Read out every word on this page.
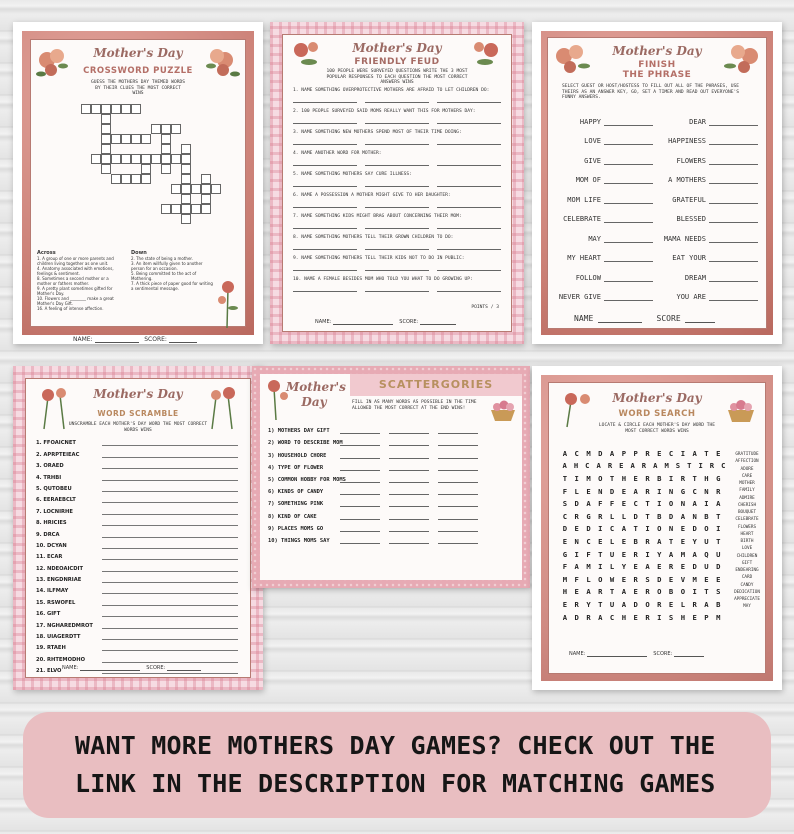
Mother's Day
CROSSWORD PUZZLE
GUESS THE MOTHERS DAY THEMED WORDS BY THEIR CLUES THE MOST CORRECT WINS
Across
1. A group of one or more parents and children living together as one unit.
4. Anatomy associated with emotions, feelings & sentiment.
8. Sometimes a second mother or a mother or fathers mother.
9. A pretty plant sometimes gifted for Mother's Day.
10. Flowers and ________ make a great Mother's Day Gift.
16. A feeling of intense affection.
Down
2. The state of being a mother.
3. An item willfully given to another person for an occasion.
5. Being committed to the act of Mothering.
7. A thick piece of paper good for writing a sentimental message.
NAME:	SCORE:
Mother's Day
FRIENDLY FEUD
100 PEOPLE WERE SURVEYED QUESTIONS WRITE THE 3 MOST POPULAR RESPONSES TO EACH QUESTION THE MOST CORRECT ANSWERS WINS
1. NAME SOMETHING OVERPROTECTIVE MOTHERS ARE AFRAID TO LET CHILDREN DO:
2. 100 PEOPLE SURVEYED SAID MOMS REALLY WANT THIS FOR MOTHERS DAY:
3. NAME SOMETHING NEW MOTHERS SPEND MOST OF THEIR TIME DOING:
4. NAME ANOTHER WORD FOR MOTHER:
5. NAME SOMETHING MOTHERS SAY CURE ILLNESS:
6. NAME A POSSESSION A MOTHER MIGHT GIVE TO HER DAUGHTER:
7. NAME SOMETHING KIDS MIGHT BRAG ABOUT CONCERNING THEIR MOM:
8. NAME SOMETHING MOTHERS TELL THEIR GROWN CHILDREN TO DO:
9. NAME SOMETHING MOTHERS TELL THEIR KIDS NOT TO DO IN PUBLIC:
10. NAME A FEMALE BESIDES MOM WHO TOLD YOU WHAT TO DO GROWING UP:
POINTS / 3
NAME:	SCORE:
Mother's Day
FINISH
THE PHRASE
SELECT GUEST OR HOST/HOSTESS TO FILL OUT ALL OF THE PHRASES, USE THEIRS AS AN ANSWER KEY, GO, SET A TIMER AND READ OUT EVERYONE'S FUNNY ANSWERS.
HAPPY	DEAR
LOVE	HAPPINESS
GIVE	FLOWERS
MOM OF	A MOTHERS
MOM LIFE	GRATEFUL
CELEBRATE	BLESSED
MAY	MAMA NEEDS
MY HEART	EAT YOUR
FOLLOW	DREAM
NEVER GIVE	YOU ARE
NAME	SCORE
Mother's Day
WORD SCRAMBLE
UNSCRAMBLE EACH MOTHER'S DAY WORD THE MOST CORRECT WORDS WINS
1. FFOAICNET
2. APRPTEIEAC
3. ORAED
4. TRHBI
5. QUTOBEU
6. EERAEBCLT
7. LOCNIRHE
8. HRICIES
9. DRCA
10. DCYAN
11. ECAR
12. NDEOAICDIT
13. ENGDNRIAE
14. ILFMAY
15. RSWOFEL
16. GIFT
17. NGHAREDMROT
18. UIAGERDTT
19. RTAEH
20. RHTEMODHO
21. ELVO
NAME:	SCORE:
Mother's Day
SCATTERGORIES
FILL IN AS MANY WORDS AS POSSIBLE IN THE TIME ALLOWED THE MOST CORRECT AT THE END WINS!
1) MOTHERS DAY GIFT
2) WORD TO DESCRIBE MOM
3) HOUSEHOLD CHORE
4) TYPE OF FLOWER
5) COMMON HOBBY FOR MOMS
6) KINDS OF CANDY
7) SOMETHING PINK
8) KIND OF CAKE
9) PLACES MOMS GO
10) THINGS MOMS SAY
Mother's Day
WORD SEARCH
LOCATE & CIRCLE EACH MOTHER'S DAY WORD THE MOST CORRECT WORDS WINS
A	C	M	D	A	P	P	R	E	C	I	A	T	E
A H C A R E A R A M S T I R C
T	I	M	O	T	H	E	R	B	I	R	T	H	G
F	L	E	N	D	E	A	R	I	N	G	C	N	R
S	D	A	F	F	E	C	T	I	O	N	A	I	A
C	R	G	R	L	L	D	T	B	D	A	N	B	T
D	E	D	I	C	A	T	I	O	N	E	D	O	I
E	N	C	E	L	E	B	R	A	T	E	Y	U	T
G	I	F	T	U	E	R	I	Y	A	M	A	Q	U
F	A	M	I	L	Y	E	A	E	R	E	D	U	D
M	F	L	O	W	E	R	S	D	E	V	M	E	E
H	E	A	R	T	A	E	R	O	B	O	I	T	S
E	R	Y	T	U	A	D	O	R	E	L	R	A	B
A	D	R	A	C	H	E	R	I	S	H	E	P	M
GRATITUDE
AFFECTION
ADORE
CARE
MOTHER
FAMILY
ADMIRE
CHERISH
BOUQUET
CELEBRATE
FLOWERS
HEART
BIRTH
LOVE
CHILDREN
GIFT
ENDEARING
CARD
CANDY
DEDICATION
APPRECIATE
MAY
NAME:	SCORE:
WANT MORE MOTHERS DAY GAMES? CHECK OUT THE
LINK IN THE DESCRIPTION FOR MATCHING GAMES
